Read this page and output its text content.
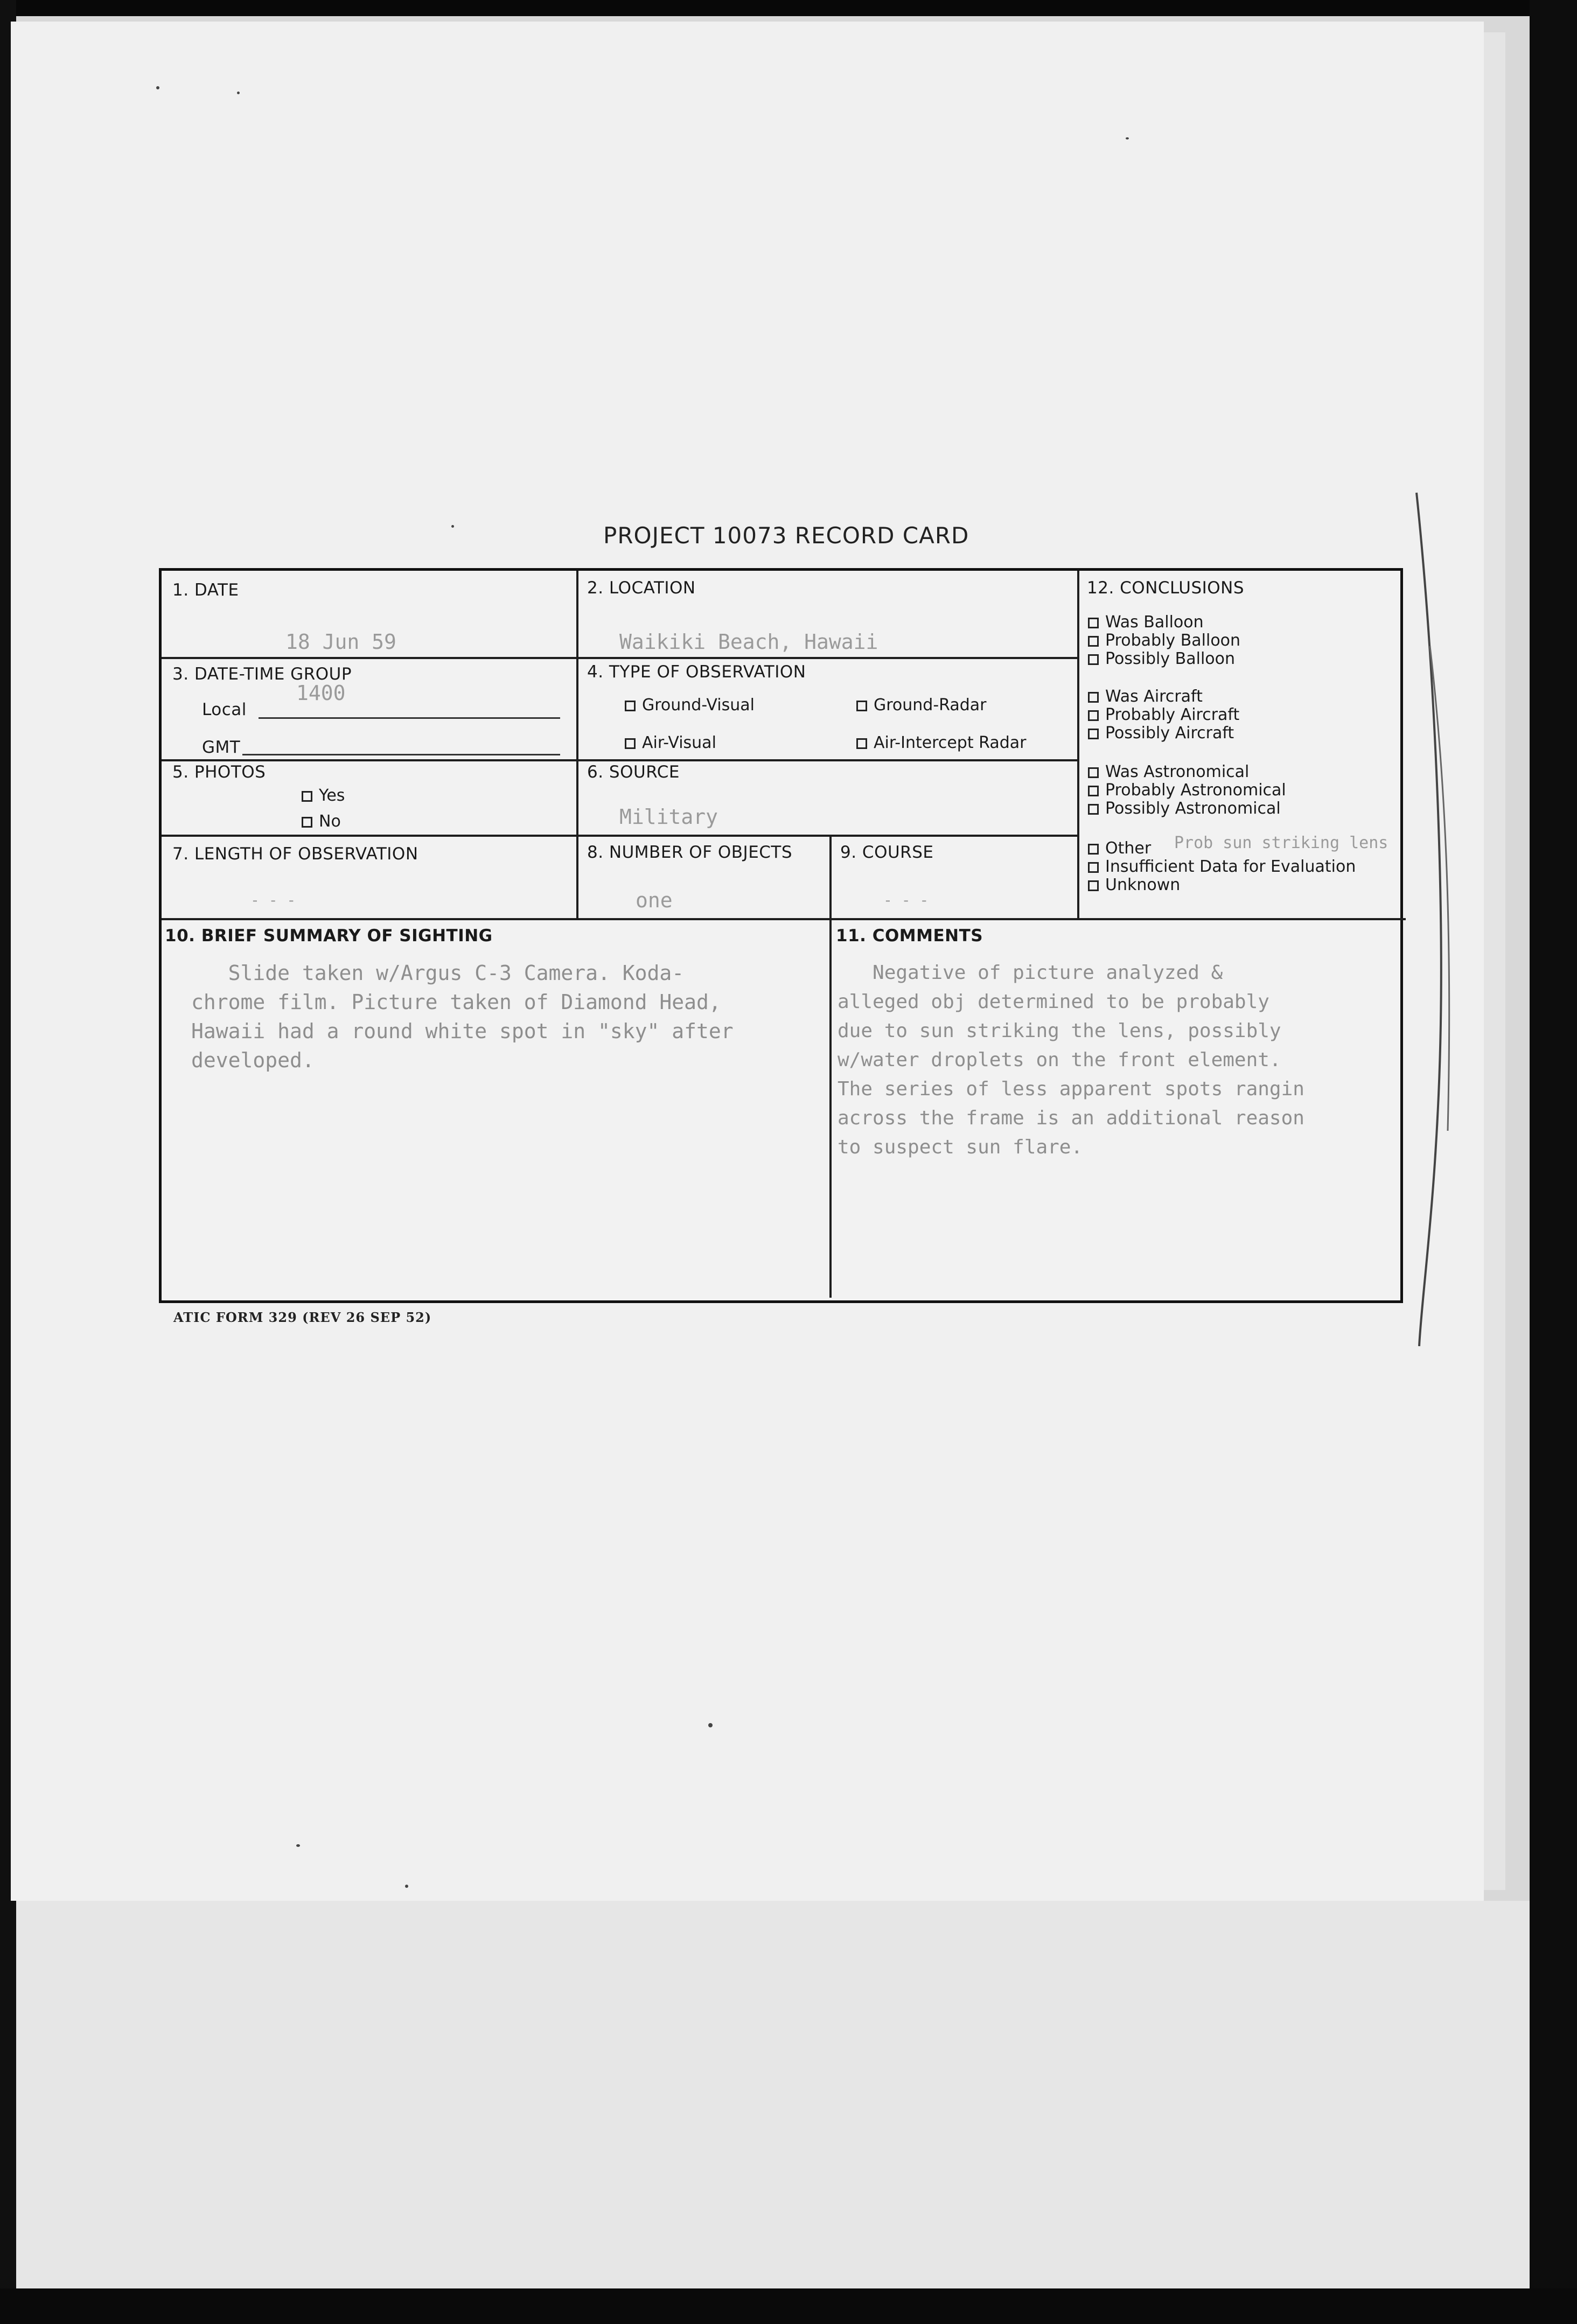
PROJECT 10073 RECORD CARD
1. DATE
18 Jun 59
2. LOCATION
Waikiki Beach, Hawaii
3. DATE-TIME GROUP
Local
1400
GMT
4. TYPE OF OBSERVATION
Ground-Visual	Ground-Radar
Air-Visual	Air-Intercept Radar
5. PHOTOS
Yes
No
6. SOURCE
Military
7. LENGTH OF OBSERVATION
- - -
8. NUMBER OF OBJECTS
one
9. COURSE
- - -
12. CONCLUSIONS
Was Balloon
Probably Balloon
Possibly Balloon
Was Aircraft
Probably Aircraft
Possibly Aircraft
Was Astronomical
Probably Astronomical
Possibly Astronomical
Other Prob sun striking lens
Insufficient Data for Evaluation
Unknown
10. BRIEF SUMMARY OF SIGHTING
Slide taken w/Argus C-3 Camera. Koda-
chrome film. Picture taken of Diamond Head,
Hawaii had a round white spot in "sky" after
developed.
11. COMMENTS
Negative of picture analyzed &
alleged obj determined to be probably
due to sun striking the lens, possibly
w/water droplets on the front element.
The series of less apparent spots rangin
across the frame is an additional reason
to suspect sun flare.
ATIC FORM 329 (REV 26 SEP 52)
